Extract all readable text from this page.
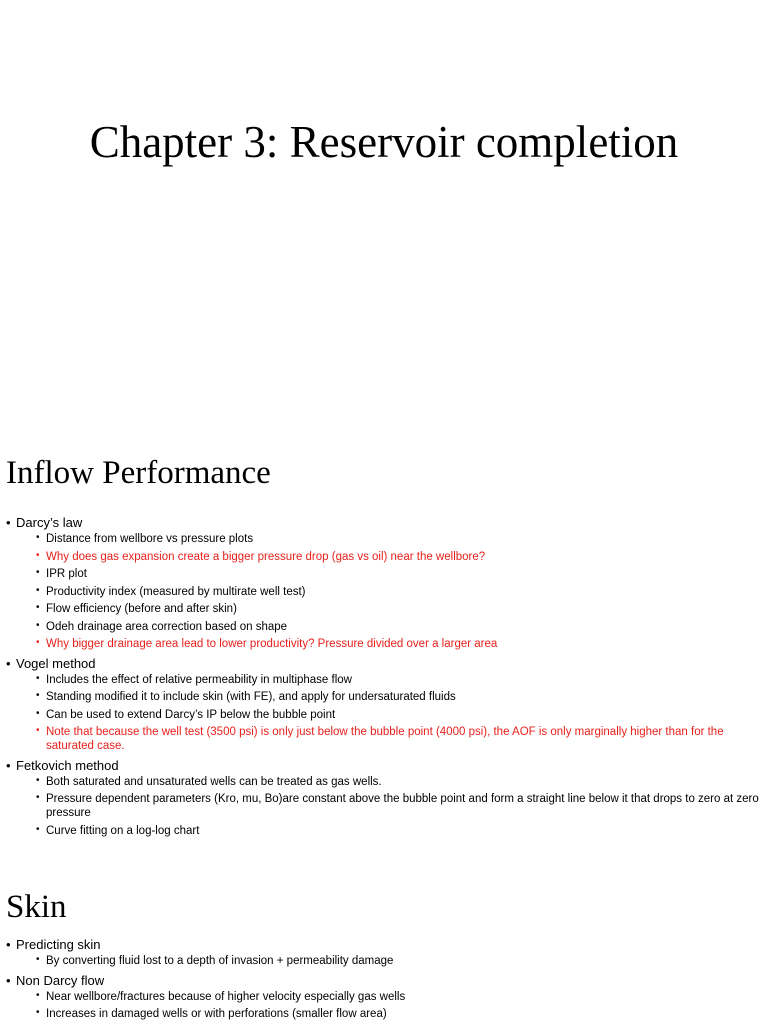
Chapter 3: Reservoir completion
Inflow Performance
• Darcy’s law
• Distance from wellbore vs pressure plots
• Why does gas expansion create a bigger pressure drop (gas vs oil) near the wellbore?
• IPR plot
• Productivity index (measured by multirate well test)
• Flow efficiency (before and after skin)
• Odeh drainage area correction based on shape
• Why bigger drainage area lead to lower productivity? Pressure divided over a larger area
• Vogel method
• Includes the effect of relative permeability in multiphase flow
• Standing modified it to include skin (with FE), and apply for undersaturated fluids
• Can be used to extend Darcy’s IP below the bubble point
• Note that because the well test (3500 psi) is only just below the bubble point (4000 psi), the AOF is only marginally higher than for the saturated case.
• Fetkovich method
• Both saturated and unsaturated wells can be treated as gas wells.
• Pressure dependent parameters (Kro, mu, Bo)are constant above the bubble point and form a straight line below it that drops to zero at zero pressure
• Curve fitting on a log-log chart
Skin
• Predicting skin
• By converting fluid lost to a depth of invasion + permeability damage
• Non Darcy flow
• Near wellbore/fractures because of higher velocity especially gas wells
• Increases in damaged wells or with perforations (smaller flow area)
